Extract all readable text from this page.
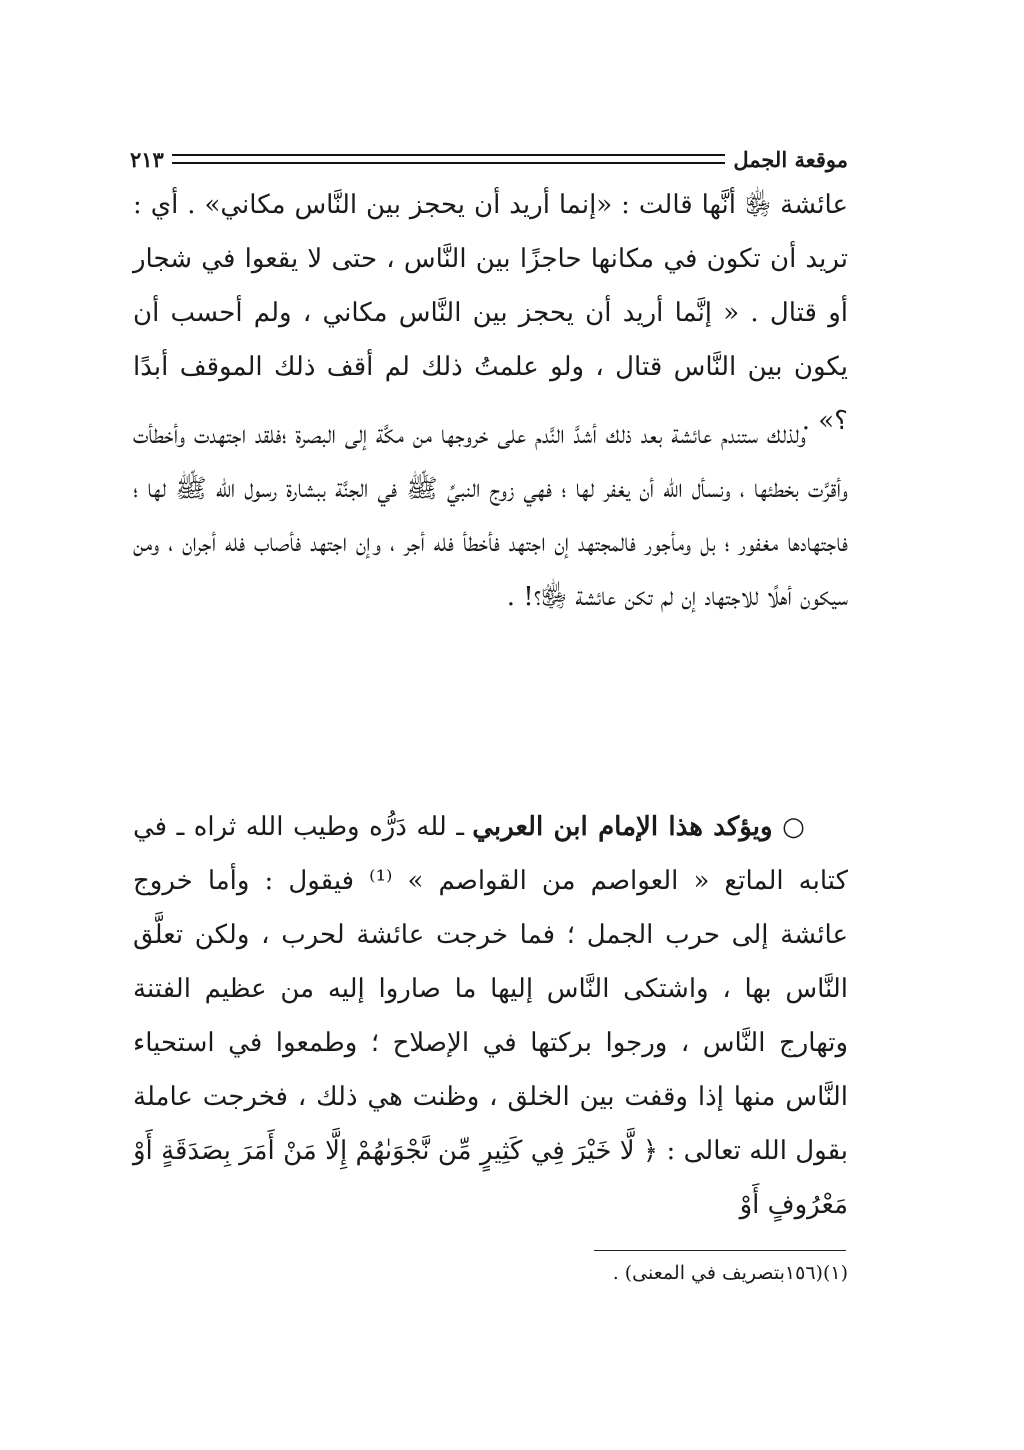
موقعة الجمل
٢١٣

عائشة ﵂ أنَّها قالت : «إنما أريد أن يحجز بين النَّاس مكاني» . أي : تريد أن تكون في مكانها حاجزًا بين النَّاس ، حتى لا يقعوا في شجار أو قتال . « إنَّما أريد أن يحجز بين النَّاس مكاني ، ولم أحسب أن يكون بين النَّاس قتال ، ولو علمتُ ذلك لم أقف ذلك الموقف أبدًا ؟» .

ولذلك ستندم عائشة بعد ذلك أشدَّ النَّدم على خروجها من مكَّة إلى البصرة ؛فلقد اجتهدت وأخطأت وأقرَّت بخطئها ، ونسأل الله أن يغفر لها ؛ فهي زوج النبيِّ ﷺ في الجنَّة ببشارة رسول الله ﷺ لها ؛ فاجتهادها مغفور ؛ بل ومأجور فالمجتهد إن اجتهد فأخطأ فله أجر ، وإن اجتهد فأصاب فله أجران ، ومن سيكون أهلًا للاجتهاد إن لم تكن عائشة ﵂؟! .

○ ويؤكد هذا الإمام ابن العربي ـ لله دَرُّه وطيب الله ثراه ـ في كتابه الماتع « العواصم من القواصم » ⁽¹⁾ فيقول : وأما خروج عائشة إلى حرب الجمل ؛ فما خرجت عائشة لحرب ، ولكن تعلَّق النَّاس بها ، واشتكى النَّاس إليها ما صاروا إليه من عظيم الفتنة وتهارج النَّاس ، ورجوا بركتها في الإصلاح ؛ وطمعوا في استحياء النَّاس منها إذا وقفت بين الخلق ، وظنت هي ذلك ، فخرجت عاملة بقول الله تعالى : ﴿ لَّا خَيْرَ فِي كَثِيرٍ مِّن نَّجْوَىٰهُمْ إِلَّا مَنْ أَمَرَ بِصَدَقَةٍ أَوْ مَعْرُوفٍ أَوْ

(١)(١٥٦بتصريف في المعنى) .
